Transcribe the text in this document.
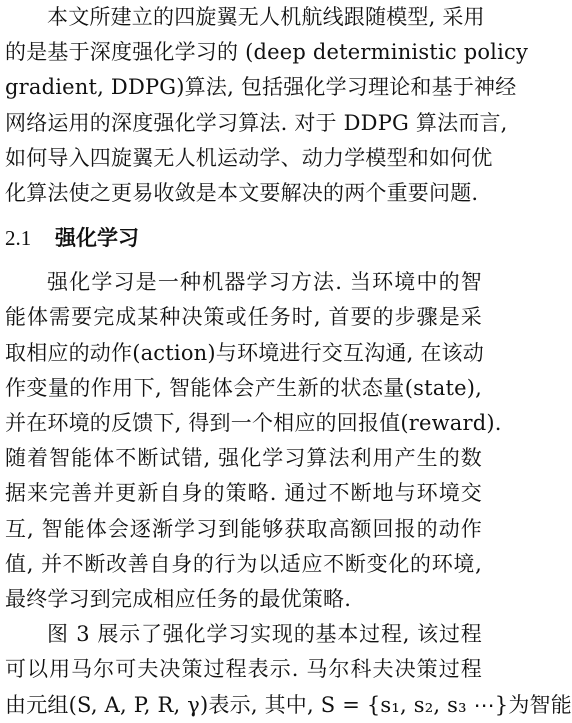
本文所建立的四旋翼无人机航线跟随模型, 采用
的是基于深度强化学习的 (deep deterministic policy
gradient, DDPG)算法, 包括强化学习理论和基于神经
网络运用的深度强化学习算法. 对于 DDPG 算法而言,
如何导入四旋翼无人机运动学、动力学模型和如何优
化算法使之更易收敛是本文要解决的两个重要问题.
2.1 强化学习
强化学习是一种机器学习方法. 当环境中的智
能体需要完成某种决策或任务时, 首要的步骤是采
取相应的动作(action)与环境进行交互沟通, 在该动
作变量的作用下, 智能体会产生新的状态量(state),
并在环境的反馈下, 得到一个相应的回报值(reward).
随着智能体不断试错, 强化学习算法利用产生的数
据来完善并更新自身的策略. 通过不断地与环境交
互, 智能体会逐渐学习到能够获取高额回报的动作
值, 并不断改善自身的行为以适应不断变化的环境,
最终学习到完成相应任务的最优策略.
图 3 展示了强化学习实现的基本过程, 该过程
可以用马尔可夫决策过程表示. 马尔科夫决策过程
由元组(S, A, P, R, γ)表示, 其中, S = {s₁, s₂, s₃ ⋯}为智能
